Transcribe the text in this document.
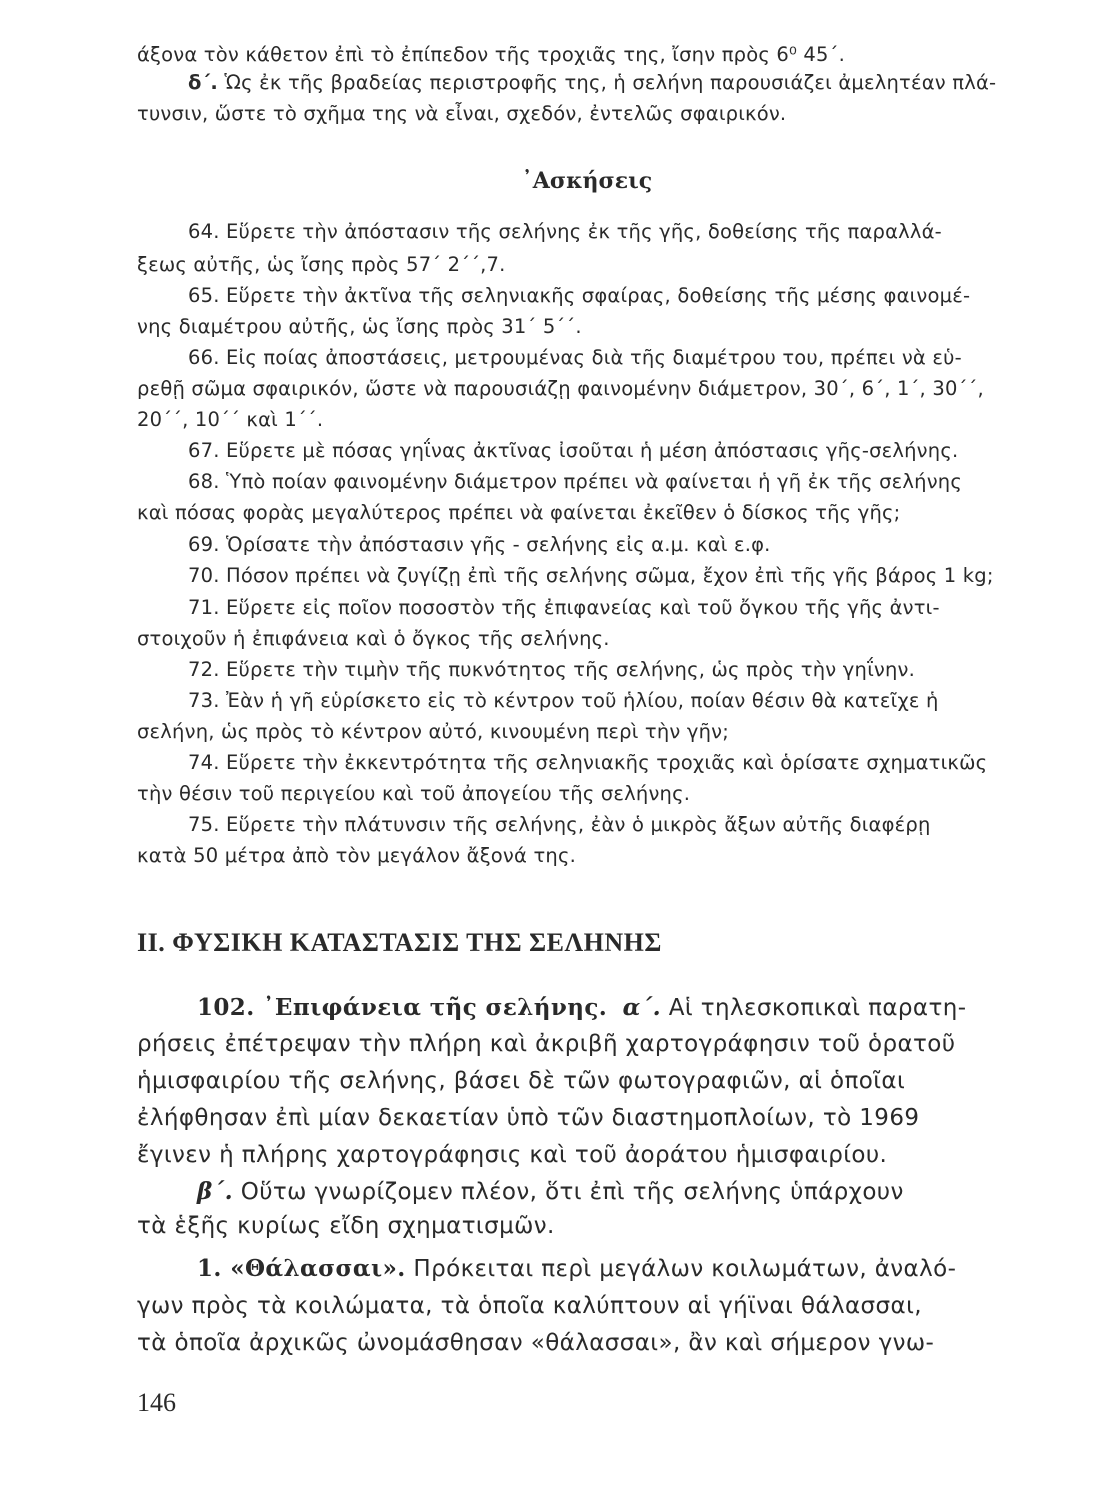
άξονα τὸν κάθετον ἐπὶ τὸ ἐπίπεδον τῆς τροχιᾶς της, ἴσην πρὸς 6⁰ 45΄.
δ΄. Ὡς ἐκ τῆς βραδείας περιστροφῆς της, ἡ σελήνη παρουσιάζει ἀμελητέαν πλά-
τυνσιν, ὥστε τὸ σχῆμα της νὰ εἶναι, σχεδόν, ἐντελῶς σφαιρικόν.
᾿Ασκήσεις
64. Εὕρετε τὴν ἀπόστασιν τῆς σελήνης ἐκ τῆς γῆς, δοθείσης τῆς παραλλά-
ξεως αὐτῆς, ὡς ἴσης πρὸς 57΄ 2΄΄,7.
65. Εὕρετε τὴν ἀκτῖνα τῆς σεληνιακῆς σφαίρας, δοθείσης τῆς μέσης φαινομέ-
νης διαμέτρου αὐτῆς, ὡς ἴσης πρὸς 31΄ 5΄΄.
66. Εἰς ποίας ἀποστάσεις, μετρουμένας διὰ τῆς διαμέτρου του, πρέπει νὰ εὑ-
ρεθῇ σῶμα σφαιρικόν, ὥστε νὰ παρουσιάζῃ φαινομένην διάμετρον, 30΄, 6΄, 1΄, 30΄΄,
20΄΄, 10΄΄ καὶ 1΄΄.
67. Εὕρετε μὲ πόσας γηΐνας ἀκτῖνας ἰσοῦται ἡ μέση ἀπόστασις γῆς-σελήνης.
68. Ὑπὸ ποίαν φαινομένην διάμετρον πρέπει νὰ φαίνεται ἡ γῆ ἐκ τῆς σελήνης
καὶ πόσας φορὰς μεγαλύτερος πρέπει νὰ φαίνεται ἐκεῖθεν ὁ δίσκος τῆς γῆς;
69. Ὁρίσατε τὴν ἀπόστασιν γῆς - σελήνης εἰς α.μ. καὶ ε.φ.
70. Πόσον πρέπει νὰ ζυγίζῃ ἐπὶ τῆς σελήνης σῶμα, ἔχον ἐπὶ τῆς γῆς βάρος 1 kg;
71. Εὕρετε εἰς ποῖον ποσοστὸν τῆς ἐπιφανείας καὶ τοῦ ὄγκου τῆς γῆς ἀντι-
στοιχοῦν ἡ ἐπιφάνεια καὶ ὁ ὄγκος τῆς σελήνης.
72. Εὕρετε τὴν τιμὴν τῆς πυκνότητος τῆς σελήνης, ὡς πρὸς τὴν γηΐνην.
73. Ἐὰν ἡ γῆ εὑρίσκετο εἰς τὸ κέντρον τοῦ ἡλίου, ποίαν θέσιν θὰ κατεῖχε ἡ
σελήνη, ὡς πρὸς τὸ κέντρον αὐτό, κινουμένη περὶ τὴν γῆν;
74. Εὕρετε τὴν ἐκκεντρότητα τῆς σεληνιακῆς τροχιᾶς καὶ ὁρίσατε σχηματικῶς
τὴν θέσιν τοῦ περιγείου καὶ τοῦ ἀπογείου τῆς σελήνης.
75. Εὕρετε τὴν πλάτυνσιν τῆς σελήνης, ἐὰν ὁ μικρὸς ἄξων αὐτῆς διαφέρῃ
κατὰ 50 μέτρα ἀπὸ τὸν μεγάλον ἄξονά της.
II. ΦΥΣΙΚΗ ΚΑΤΑΣΤΑΣΙΣ ΤΗΣ ΣΕΛΗΝΗΣ
102. ᾿Επιφάνεια τῆς σελήνης. α΄. Αἱ τηλεσκοπικαὶ παρατη-
ρήσεις ἐπέτρεψαν τὴν πλήρη καὶ ἀκριβῆ χαρτογράφησιν τοῦ ὁρατοῦ
ἡμισφαιρίου τῆς σελήνης, βάσει δὲ τῶν φωτογραφιῶν, αἱ ὁποῖαι
ἐλήφθησαν ἐπὶ μίαν δεκαετίαν ὑπὸ τῶν διαστημοπλοίων, τὸ 1969
ἔγινεν ἡ πλήρης χαρτογράφησις καὶ τοῦ ἀοράτου ἡμισφαιρίου.
β΄. Οὕτω γνωρίζομεν πλέον, ὅτι ἐπὶ τῆς σελήνης ὑπάρχουν
τὰ ἑξῆς κυρίως εἴδη σχηματισμῶν.
1. «Θάλασσαι». Πρόκειται περὶ μεγάλων κοιλωμάτων, ἀναλό-
γων πρὸς τὰ κοιλώματα, τὰ ὁποῖα καλύπτουν αἱ γήϊναι θάλασσαι,
τὰ ὁποῖα ἀρχικῶς ὠνομάσθησαν «θάλασσαι», ἂν καὶ σήμερον γνω-
146
